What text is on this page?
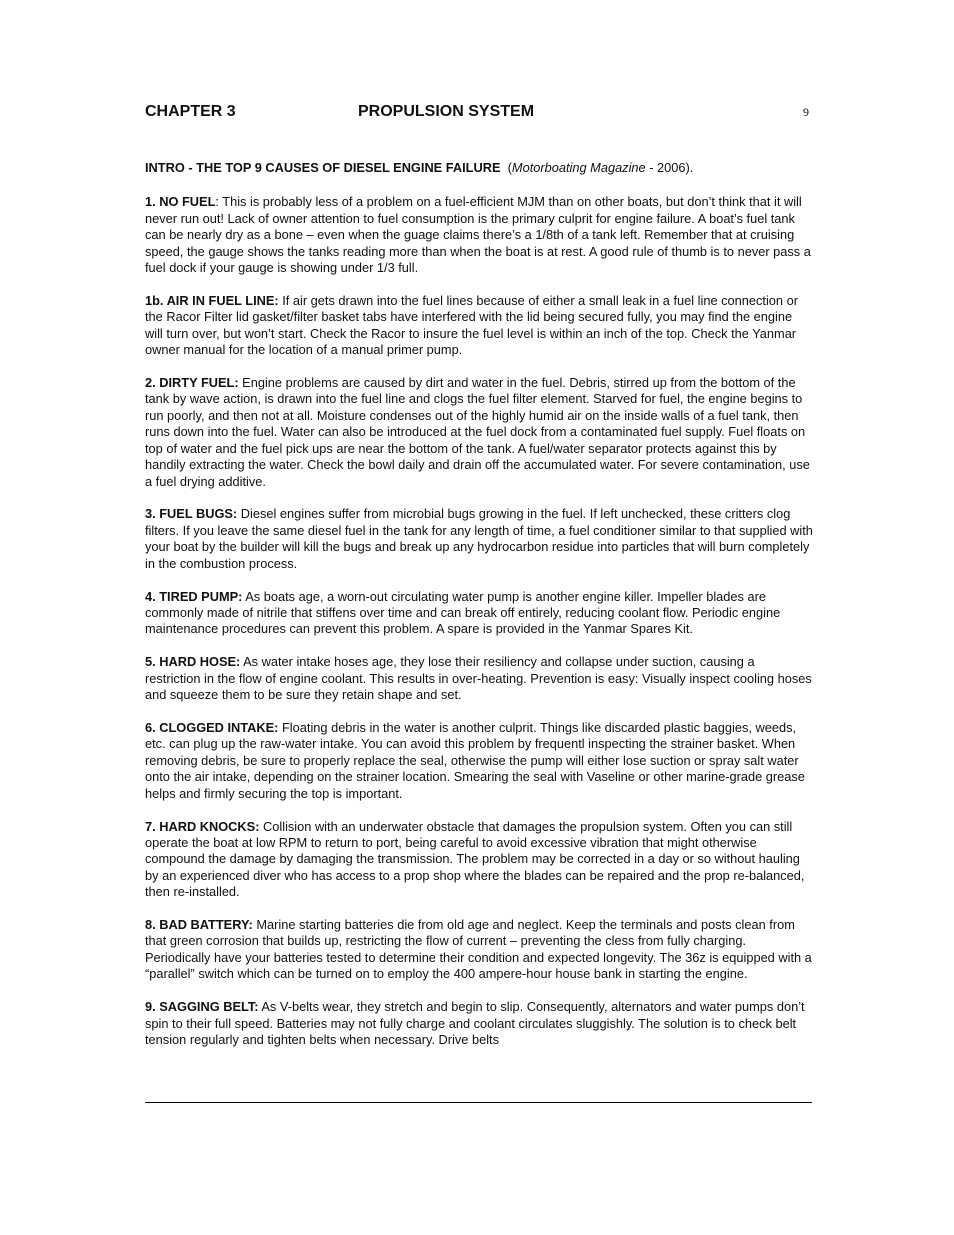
CHAPTER 3	PROPULSION SYSTEM	9

INTRO - THE TOP 9 CAUSES OF DIESEL ENGINE FAILURE (Motorboating Magazine - 2006).

1. NO FUEL: This is probably less of a problem on a fuel-efficient MJM than on other boats, but don’t think that it will never run out! Lack of owner attention to fuel consumption is the primary culprit for engine failure. A boat’s fuel tank can be nearly dry as a bone – even when the guage claims there’s a 1/8th of a tank left. Remember that at cruising speed, the gauge shows the tanks reading more than when the boat is at rest. A good rule of thumb is to never pass a fuel dock if your gauge is showing under 1/3 full.

1b. AIR IN FUEL LINE: If air gets drawn into the fuel lines because of either a small leak in a fuel line connection or the Racor Filter lid gasket/filter basket tabs have interfered with the lid being secured fully, you may find the engine will turn over, but won’t start. Check the Racor to insure the fuel level is within an inch of the top. Check the Yanmar owner manual for the location of a manual primer pump.

2. DIRTY FUEL: Engine problems are caused by dirt and water in the fuel. Debris, stirred up from the bottom of the tank by wave action, is drawn into the fuel line and clogs the fuel filter element. Starved for fuel, the engine begins to run poorly, and then not at all. Moisture condenses out of the highly humid air on the inside walls of a fuel tank, then runs down into the fuel. Water can also be introduced at the fuel dock from a contaminated fuel supply. Fuel floats on top of water and the fuel pick ups are near the bottom of the tank. A fuel/water separator protects against this by handily extracting the water. Check the bowl daily and drain off the accumulated water. For severe contamination, use a fuel drying additive.

3. FUEL BUGS: Diesel engines suffer from microbial bugs growing in the fuel. If left unchecked, these critters clog filters. If you leave the same diesel fuel in the tank for any length of time, a fuel conditioner similar to that supplied with your boat by the builder will kill the bugs and break up any hydrocarbon residue into particles that will burn completely in the combustion process.

4. TIRED PUMP: As boats age, a worn-out circulating water pump is another engine killer. Impeller blades are commonly made of nitrile that stiffens over time and can break off entirely, reducing coolant flow. Periodic engine maintenance procedures can prevent this problem. A spare is provided in the Yanmar Spares Kit.

5. HARD HOSE: As water intake hoses age, they lose their resiliency and collapse under suction, causing a restriction in the flow of engine coolant. This results in over-heating. Prevention is easy: Visually inspect cooling hoses and squeeze them to be sure they retain shape and set.

6. CLOGGED INTAKE: Floating debris in the water is another culprit. Things like discarded plastic baggies, weeds, etc. can plug up the raw-water intake. You can avoid this problem by frequentl inspecting the strainer basket. When removing debris, be sure to properly replace the seal, otherwise the pump will either lose suction or spray salt water onto the air intake, depending on the strainer location. Smearing the seal with Vaseline or other marine-grade grease helps and firmly securing the top is important.

7. HARD KNOCKS: Collision with an underwater obstacle that damages the propulsion system. Often you can still operate the boat at low RPM to return to port, being careful to avoid excessive vibration that might otherwise compound the damage by damaging the transmission. The problem may be corrected in a day or so without hauling by an experienced diver who has access to a prop shop where the blades can be repaired and the prop re-balanced, then re-installed.

8. BAD BATTERY: Marine starting batteries die from old age and neglect. Keep the terminals and posts clean from that green corrosion that builds up, restricting the flow of current – preventing the cless from fully charging. Periodically have your batteries tested to determine their condition and expected longevity. The 36z is equipped with a “parallel” switch which can be turned on to employ the 400 ampere-hour house bank in starting the engine.

9. SAGGING BELT: As V-belts wear, they stretch and begin to slip. Consequently, alternators and water pumps don’t spin to their full speed. Batteries may not fully charge and coolant circulates sluggishly. The solution is to check belt tension regularly and tighten belts when necessary. Drive belts
